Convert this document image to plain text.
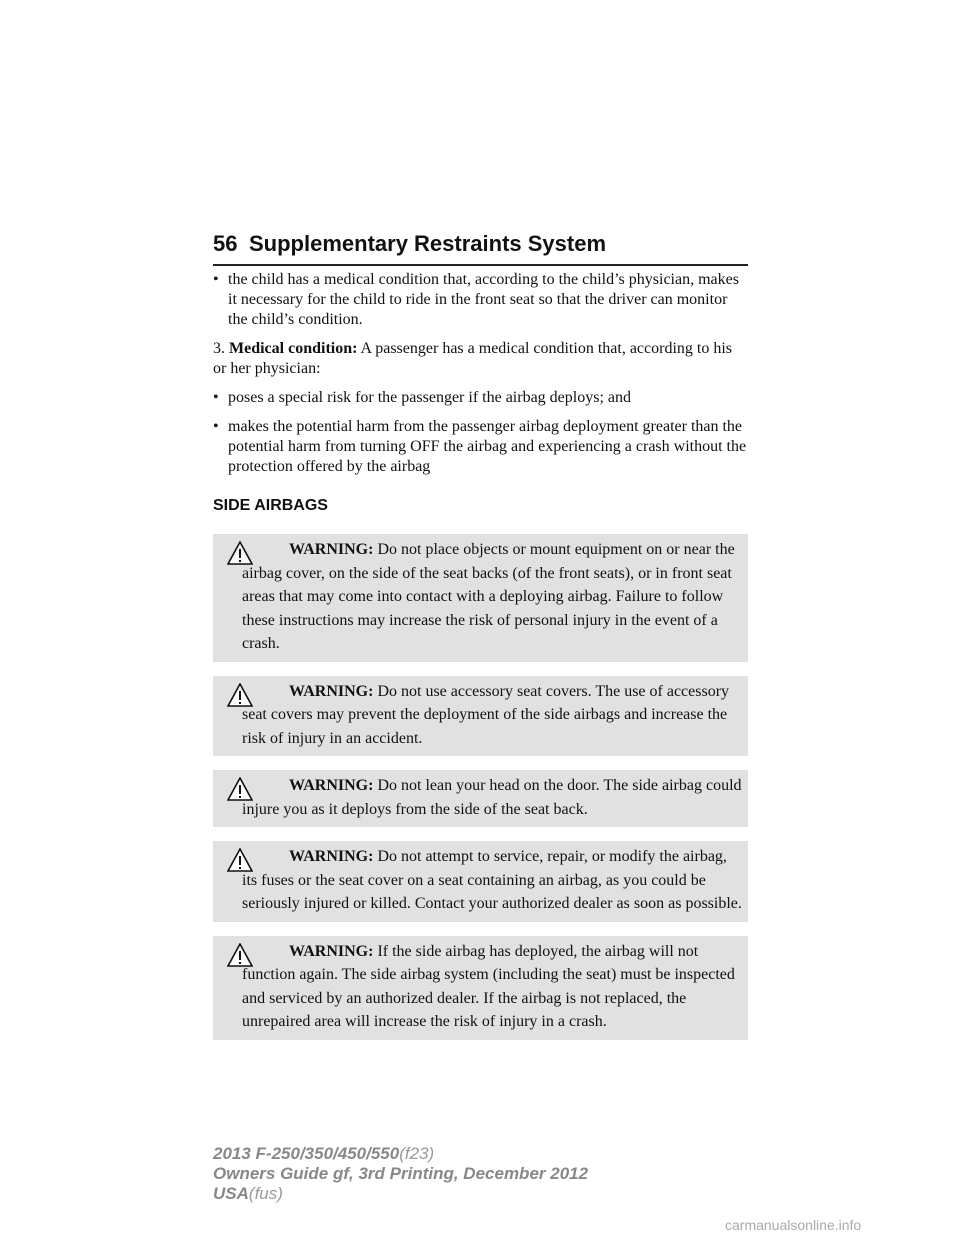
56 Supplementary Restraints System
• the child has a medical condition that, according to the child’s physician, makes it necessary for the child to ride in the front seat so that the driver can monitor the child’s condition.

3. Medical condition: A passenger has a medical condition that, according to his or her physician:

• poses a special risk for the passenger if the airbag deploys; and
• makes the potential harm from the passenger airbag deployment greater than the potential harm from turning OFF the airbag and experiencing a crash without the protection offered by the airbag
SIDE AIRBAGS
WARNING: Do not place objects or mount equipment on or near the airbag cover, on the side of the seat backs (of the front seats), or in front seat areas that may come into contact with a deploying airbag. Failure to follow these instructions may increase the risk of personal injury in the event of a crash.
WARNING: Do not use accessory seat covers. The use of accessory seat covers may prevent the deployment of the side airbags and increase the risk of injury in an accident.
WARNING: Do not lean your head on the door. The side airbag could injure you as it deploys from the side of the seat back.
WARNING: Do not attempt to service, repair, or modify the airbag, its fuses or the seat cover on a seat containing an airbag, as you could be seriously injured or killed. Contact your authorized dealer as soon as possible.
WARNING: If the side airbag has deployed, the airbag will not function again. The side airbag system (including the seat) must be inspected and serviced by an authorized dealer. If the airbag is not replaced, the unrepaired area will increase the risk of injury in a crash.
2013 F-250/350/450/550(f23)
Owners Guide gf, 3rd Printing, December 2012
USA(fus)
carmanualsonline.info
